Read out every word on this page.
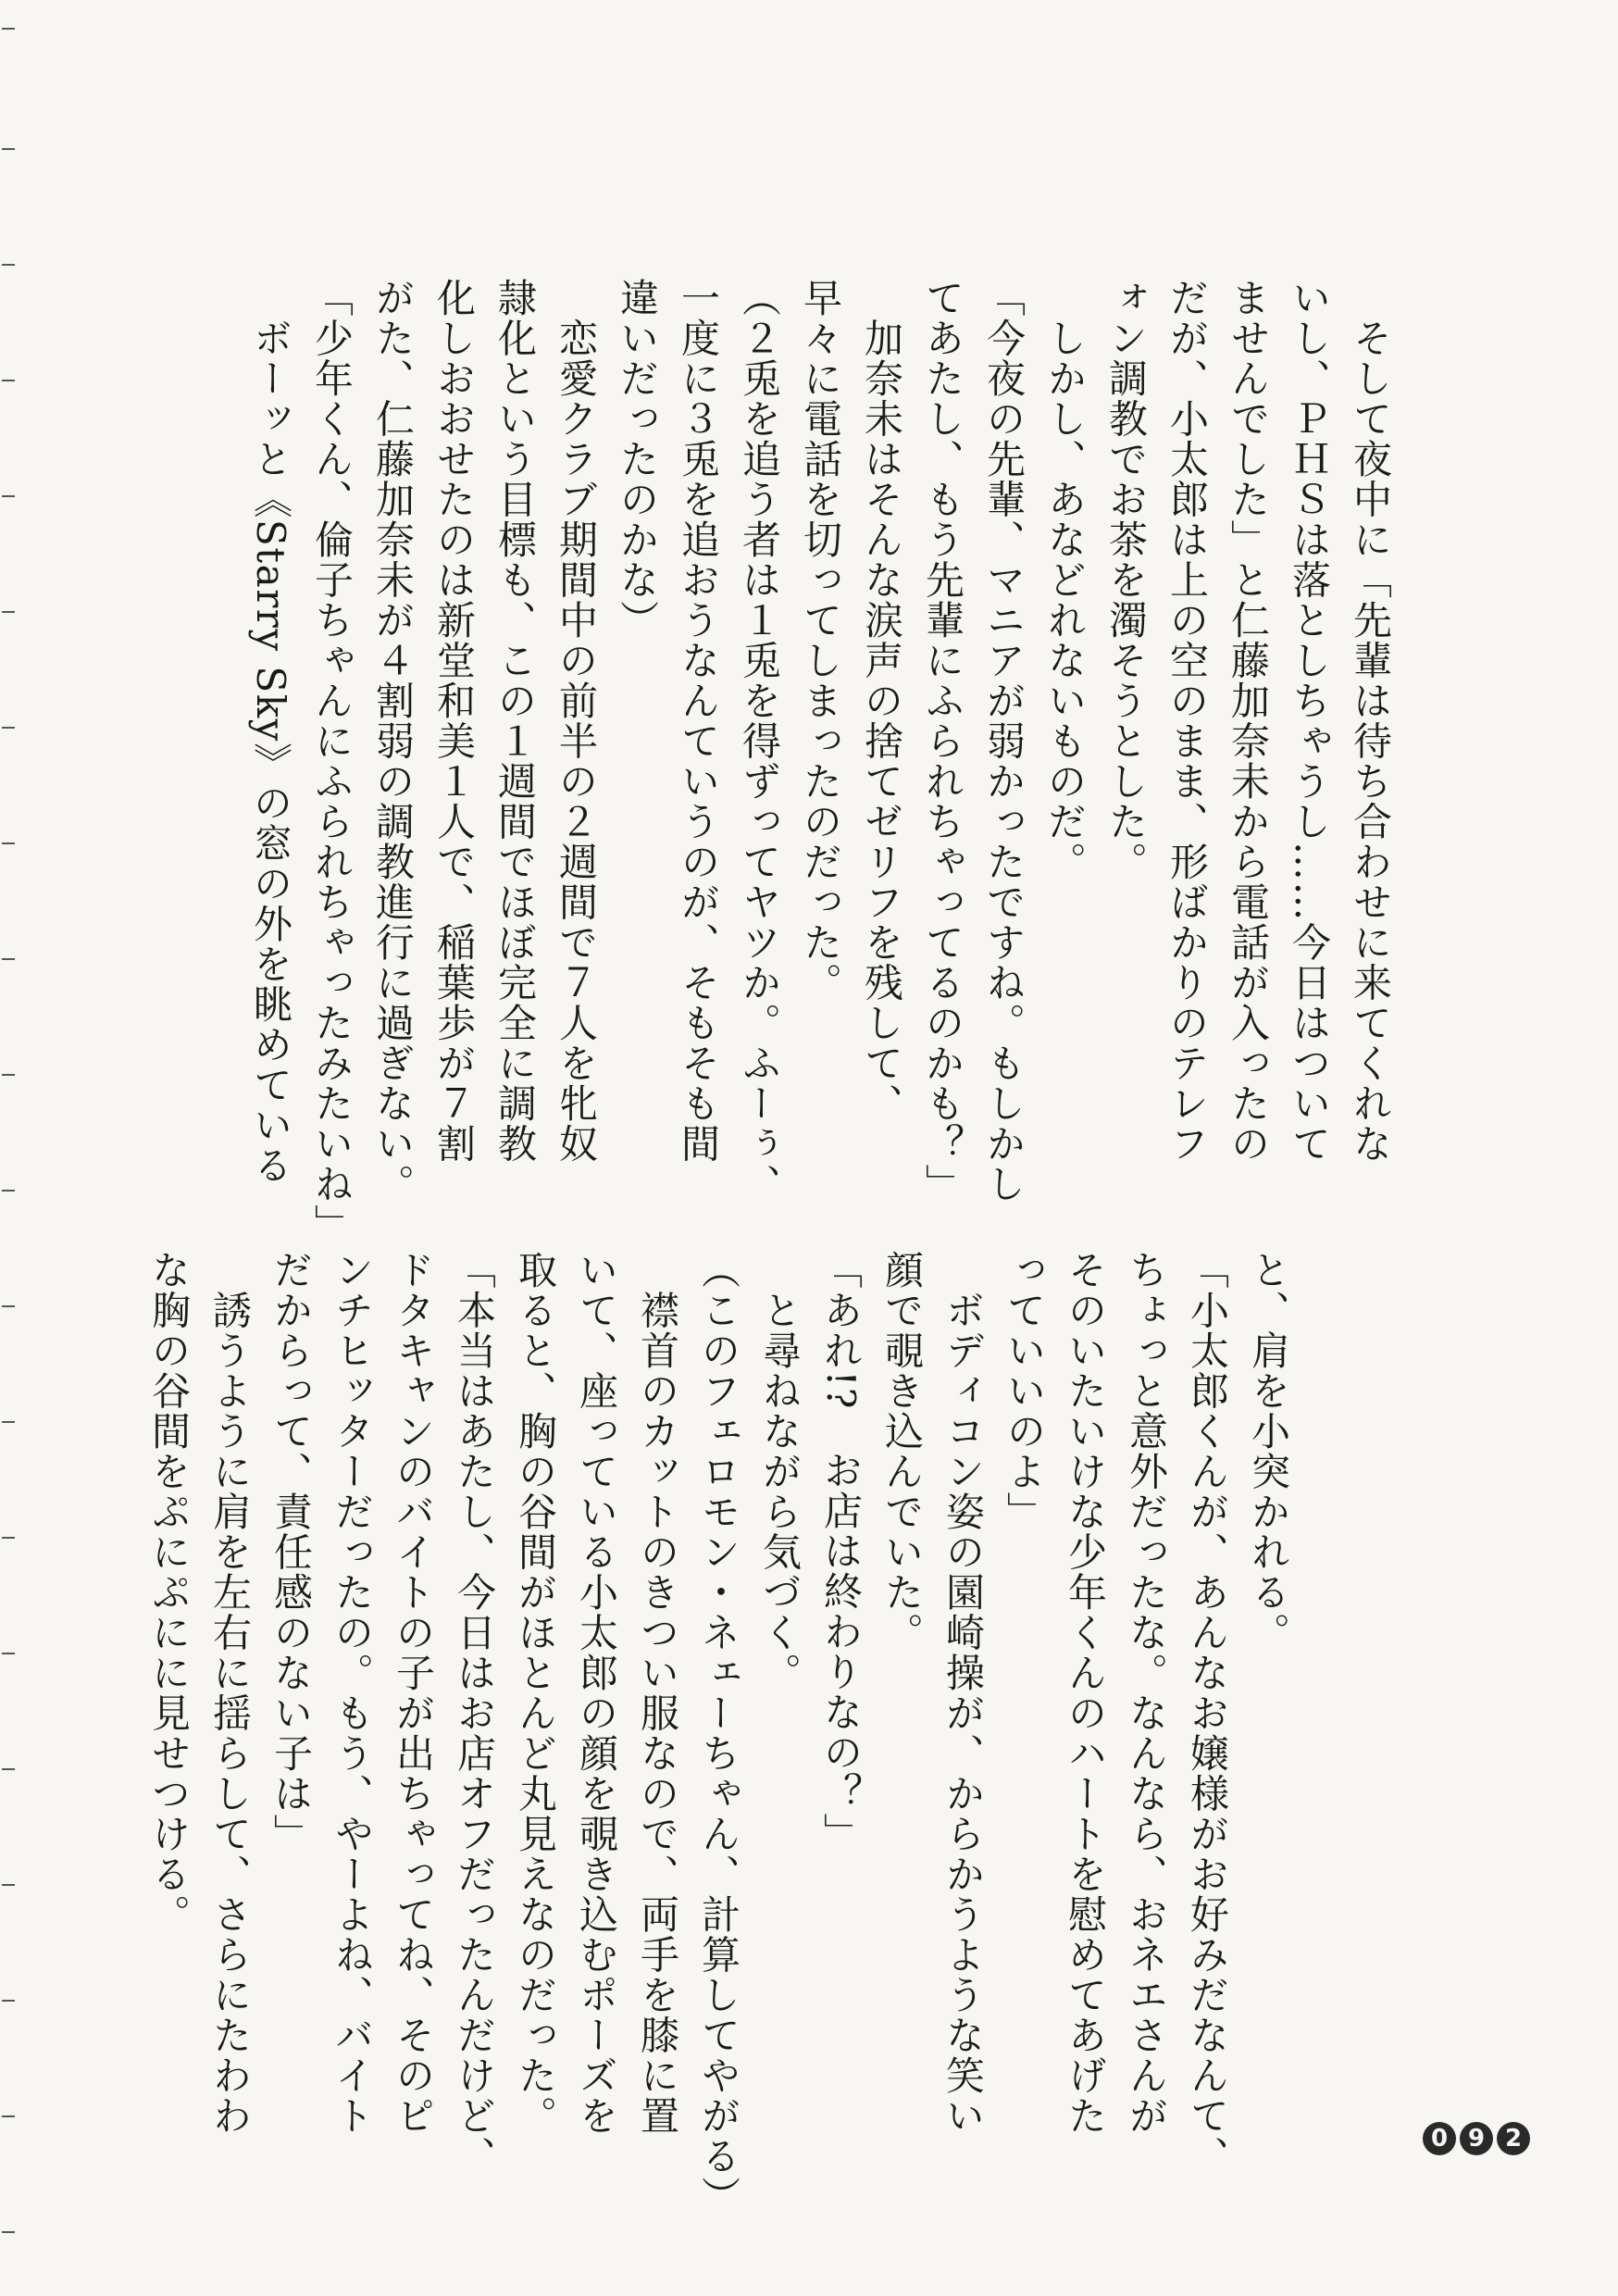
　そして夜中に「先輩は待ち合わせに来てくれな
いし、ＰＨＳは落としちゃうし……今日はついて
ませんでした」と仁藤加奈未から電話が入ったの
だが、小太郎は上の空のまま、形ばかりのテレフ
ォン調教でお茶を濁そうとした。
　しかし、あなどれないものだ。
「今夜の先輩、マニアが弱かったですね。もしかし
てあたし、もう先輩にふられちゃってるのかも？」
　加奈未はそんな涙声の捨てゼリフを残して、
早々に電話を切ってしまったのだった。
（２兎を追う者は１兎を得ずってヤツか。ふーぅ、
一度に３兎を追おうなんていうのが、そもそも間
違いだったのかな）
　恋愛クラブ期間中の前半の２週間で７人を牝奴
隷化という目標も、この１週間でほぼ完全に調教
化しおおせたのは新堂和美１人で、稲葉歩が７割
がた、仁藤加奈未が４割弱の調教進行に過ぎない。
「少年くん、倫子ちゃんにふられちゃったみたいね」
　ボーッと《Starry Sky》の窓の外を眺めている
と、肩を小突かれる。
「小太郎くんが、あんなお嬢様がお好みだなんて、
ちょっと意外だったな。なんなら、おネエさんが
そのいたいけな少年くんのハートを慰めてあげた
っていいのよ」
　ボディコン姿の園崎操が、からかうような笑い
顔で覗き込んでいた。
「あれ!?　お店は終わりなの？」
　と尋ねながら気づく。
（このフェロモン・ネェーちゃん、計算してやがる）
　襟首のカットのきつい服なので、両手を膝に置
いて、座っている小太郎の顔を覗き込むポーズを
取ると、胸の谷間がほとんど丸見えなのだった。
「本当はあたし、今日はお店オフだったんだけど、
ドタキャンのバイトの子が出ちゃってね、そのピ
ンチヒッターだったの。もう、やーよね、バイト
だからって、責任感のない子は」
　誘うように肩を左右に揺らして、さらにたわわ
な胸の谷間をぷにぷにに見せつける。
0 9 2
